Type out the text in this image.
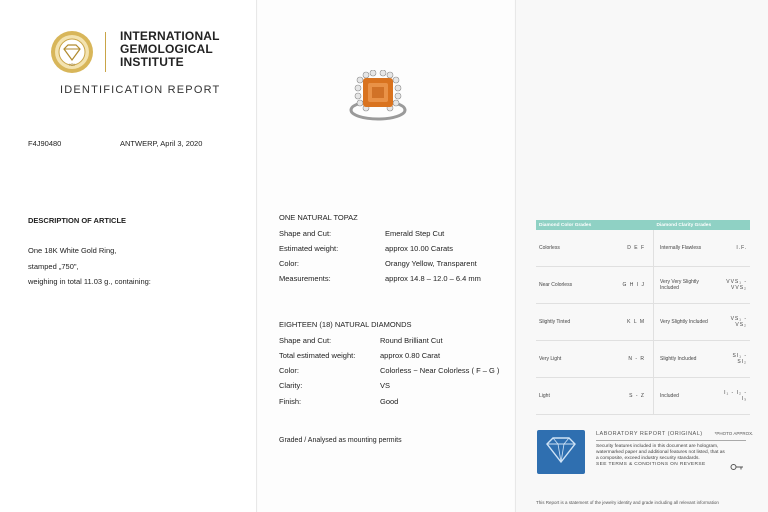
IGI
INTERNATIONAL
GEMOLOGICAL
INSTITUTE
IDENTIFICATION REPORT
F4J90480	ANTWERP, April 3, 2020
DESCRIPTION OF ARTICLE
One 18K White Gold Ring,
stamped „750",
weighing in total 11.03 g., containing:
ONE NATURAL TOPAZ
Shape and Cut:	Emerald Step Cut
Estimated weight:	approx 10.00 Carats
Color:	Orangy Yellow, Transparent
Measurements:	approx 14.8 – 12.0 – 6.4 mm
EIGHTEEN (18) NATURAL DIAMONDS
Shape and Cut:	Round Brilliant Cut
Total estimated weight:	approx 0.80 Carat
Color:	Colorless ~ Near Colorless ( F – G )
Clarity:	VS
Finish:	Good
Graded / Analysed as mounting permits
Diamond Color Grades		Diamond Clarity Grades	
Colorless	D E F	Internally Flawless	I.F.
Near Colorless	G H I J	Very Very Slightly Included	VVS₁ - VVS₂
Slightly Tinted	K L M	Very Slightly Included	VS₁ - VS₂
Very Light	N - R	Slightly Included	SI₁ - SI₂
Light	S - Z	Included	I₁ - I₂ - I₃
LABORATORY REPORT (ORIGINAL)	*PHOTO APPROX.
Security features included in this document are hologram,
watermarked paper and additional features not listed, that as
a composite, exceed industry security standards.
SEE TERMS & CONDITIONS ON REVERSE
This Report is a statement of the jewelry identity and grade including all relevant information
